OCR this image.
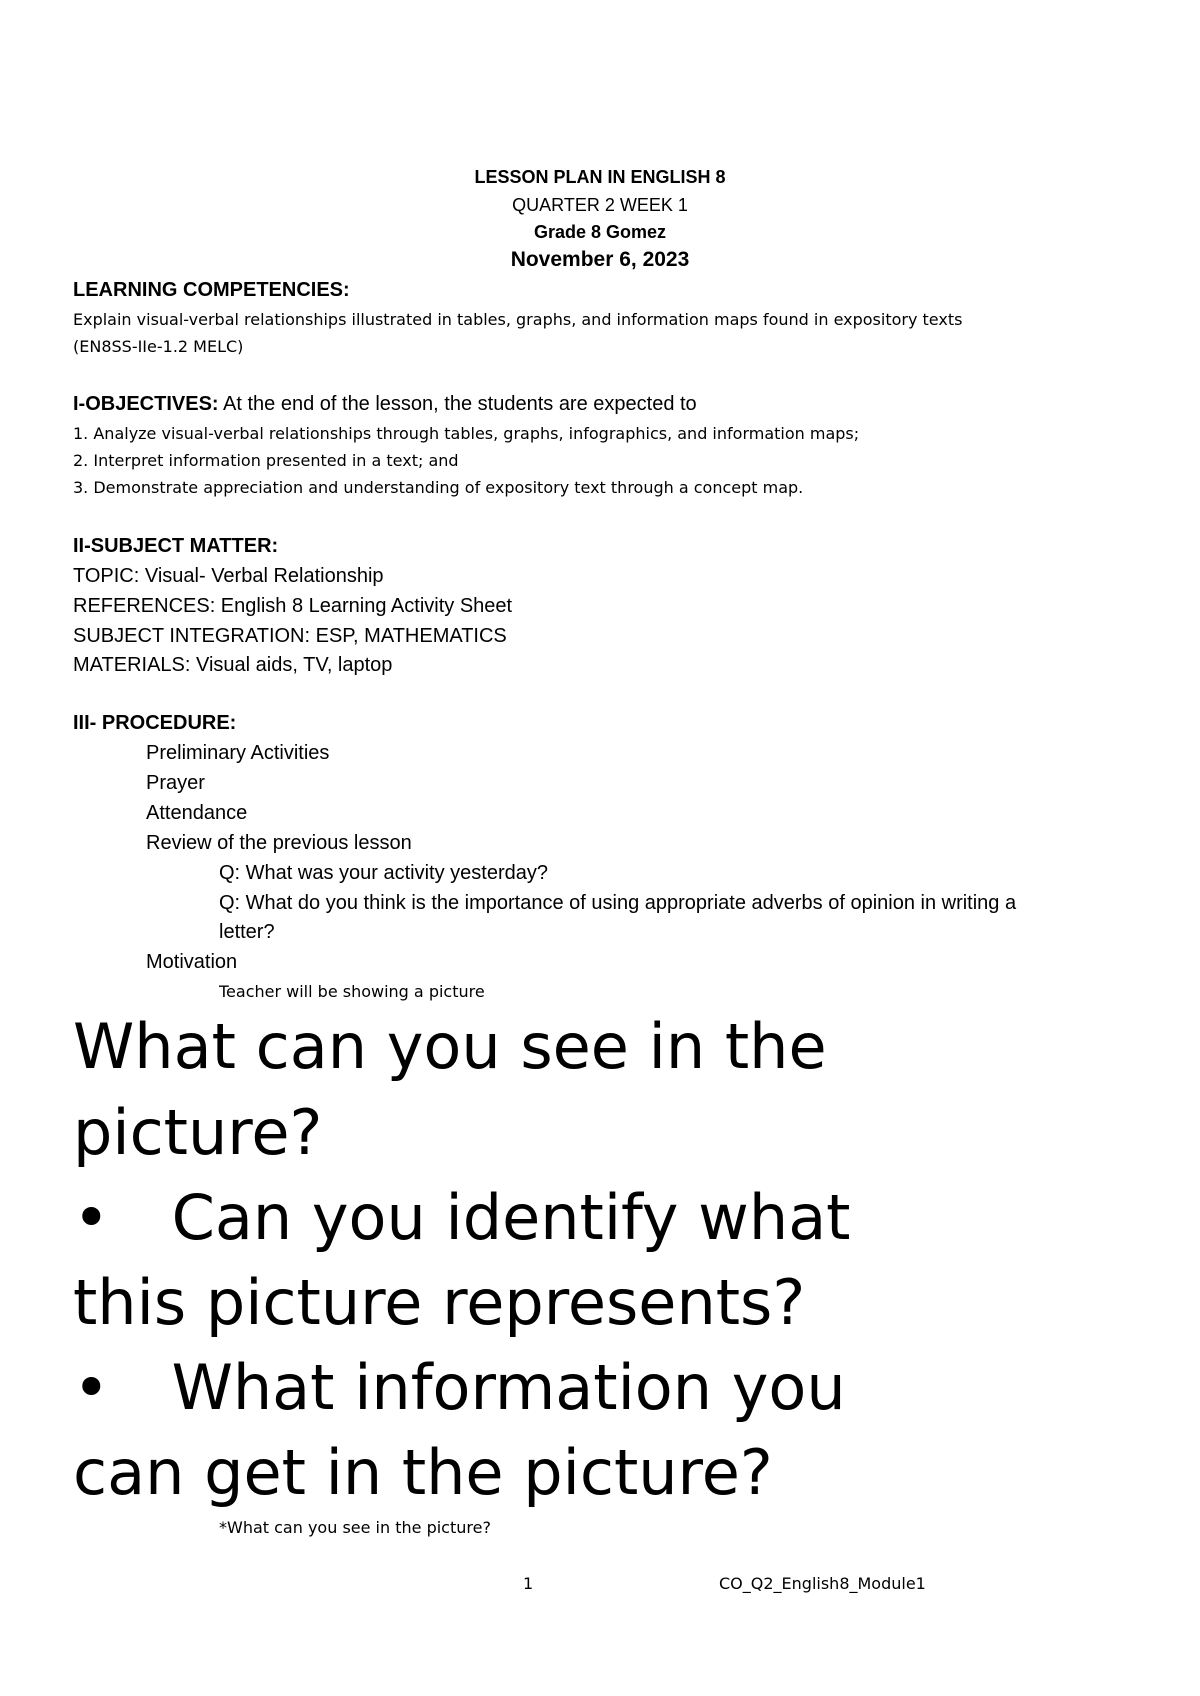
LESSON PLAN IN ENGLISH 8
QUARTER 2 WEEK 1
Grade 8 Gomez
November 6, 2023
LEARNING COMPETENCIES:
Explain visual-verbal relationships illustrated in tables, graphs, and information maps found in expository texts
(EN8SS-IIe-1.2 MELC)
I-OBJECTIVES: At the end of the lesson, the students are expected to
1. Analyze visual-verbal relationships through tables, graphs, infographics, and information maps;
2. Interpret information presented in a text; and
3. Demonstrate appreciation and understanding of expository text through a concept map.
II-SUBJECT MATTER:
TOPIC: Visual- Verbal Relationship
REFERENCES: English 8 Learning Activity Sheet
SUBJECT INTEGRATION: ESP, MATHEMATICS
MATERIALS: Visual aids, TV, laptop
III- PROCEDURE:
Preliminary Activities
Prayer
Attendance
Review of the previous lesson
Q: What was your activity yesterday?
Q: What do you think is the importance of using appropriate adverbs of opinion in writing a
letter?
Motivation
Teacher will be showing a picture
What can you see in the
picture?
• Can you identify what
this picture represents?
• What information you
can get in the picture?
*What can you see in the picture?
1	CO_Q2_English8_Module1
